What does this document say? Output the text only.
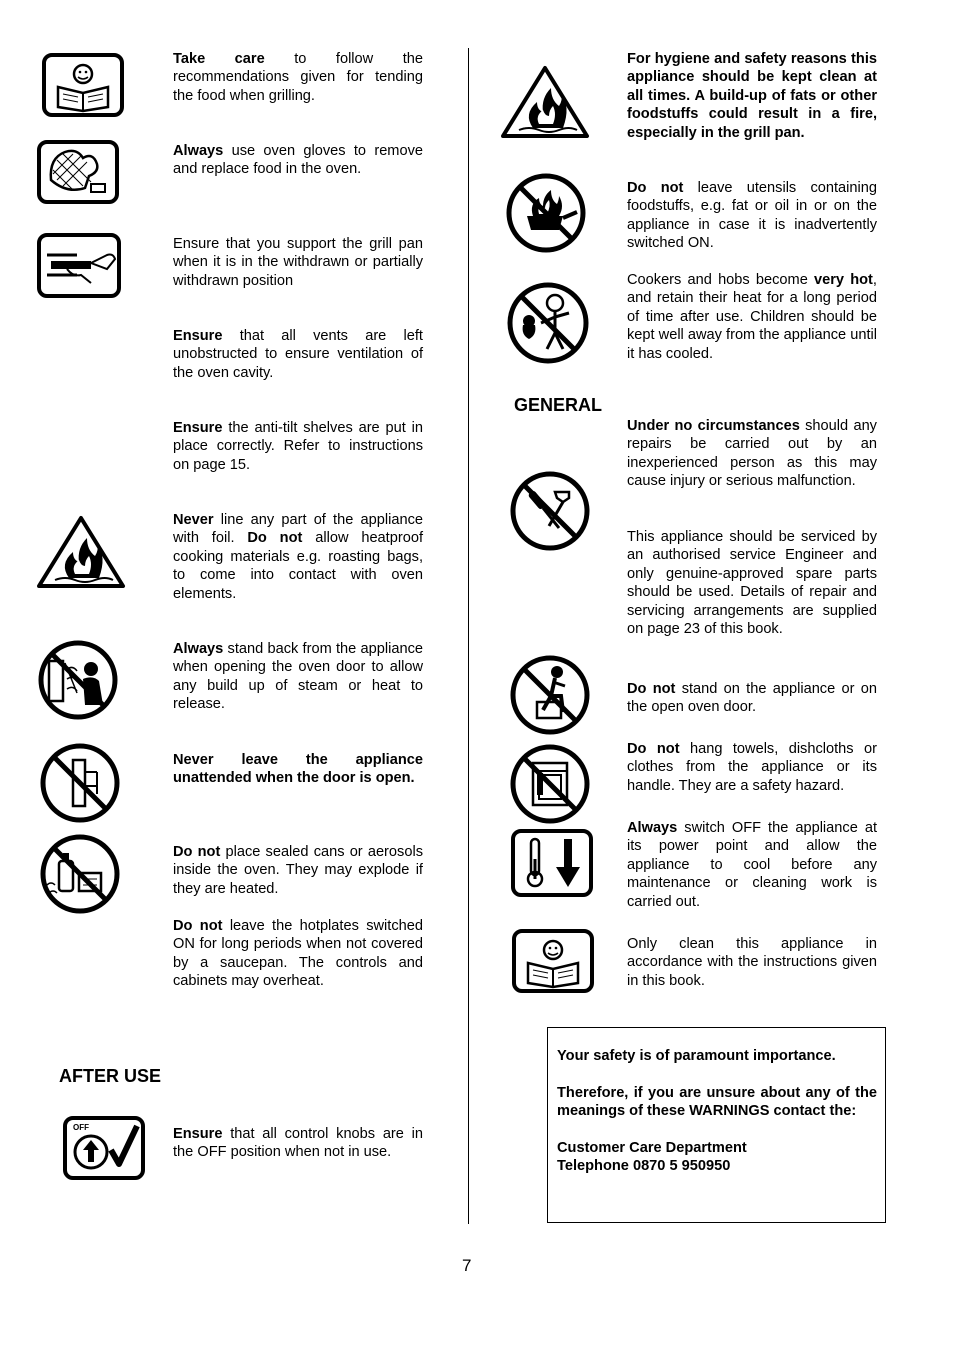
Take care to follow the recommendations given for tending the food when grilling.
Always use oven gloves to remove and replace food in the oven.
Ensure that you support the grill pan when it is in the withdrawn or partially withdrawn position
Ensure that all vents are left unobstructed to ensure ventilation of the oven cavity.
Ensure the anti-tilt shelves are put in place correctly. Refer to instructions on page 15.
Never line any part of the appliance with foil. Do not allow heatproof cooking materials e.g. roasting bags, to come into contact with oven elements.
Always stand back from the appliance when opening the oven door to allow any build up of steam or heat to release.
Never leave the appliance unattended when the door is open.
Do not place sealed cans or aerosols inside the oven. They may explode if they are heated.
Do not leave the hotplates switched ON for long periods when not covered by a saucepan. The controls and cabinets may overheat.
AFTER USE
OFF	Ensure that all control knobs are in the OFF position when not in use.
For hygiene and safety reasons this appliance should be kept clean at all times. A build-up of fats or other foodstuffs could result in a fire, especially in the grill pan.
Do not leave utensils containing foodstuffs, e.g. fat or oil in or on the appliance in case it is inadvertently switched ON.
Cookers and hobs become very hot, and retain their heat for a long period of time after use. Children should be kept well away from the appliance until it has cooled.
GENERAL
Under no circumstances should any repairs be carried out by an inexperienced person as this may cause injury or serious malfunction.
This appliance should be serviced by an authorised service Engineer and only genuine-approved spare parts should be used. Details of repair and servicing arrangements are supplied on page 23 of this book.
Do not stand on the appliance or on the open oven door.
Do not hang towels, dishcloths or clothes from the appliance or its handle. They are a safety hazard.
Always switch OFF the appliance at its power point and allow the appliance to cool before any maintenance or cleaning work is carried out.
Only clean this appliance in accordance with the instructions given in this book.

Your safety is of paramount importance.

Therefore, if you are unsure about any of the meanings of these WARNINGS contact the:

Customer Care Department
Telephone 0870 5 950950
7
